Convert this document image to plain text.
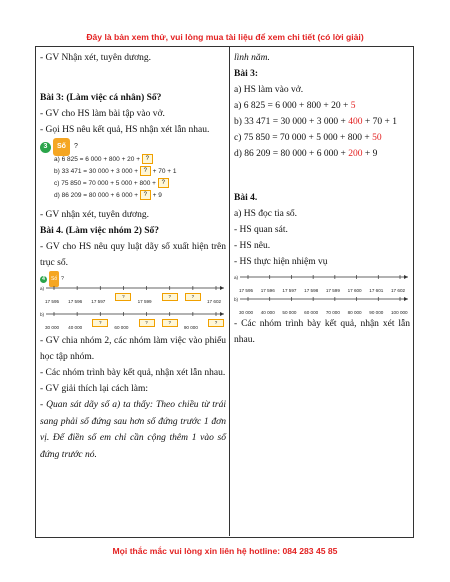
Đây là bản xem thử, vui lòng mua tài liệu để xem chi tiết (có lời giải)

- GV Nhận xét, tuyên dương.

Bài 3: (Làm việc cá nhân) Số?

- GV cho HS làm bài tập vào vở.

- Gọi HS nêu kết quả, HS nhận xét lẫn nhau.

3	Số	?
a) 6 825 = 6 000 + 800 + 20 + ?
b) 33 471 = 30 000 + 3 000 + ? + 70 + 1
c) 75 850 = 70 000 + 5 000 + 800 + ?
d) 86 209 = 80 000 + 6 000 + ? + 9

- GV nhận xét, tuyên dương.

Bài 4. (Làm việc nhóm 2) Số?

- GV cho HS nêu quy luật dãy số xuất hiện trên trục số.

4	Số ?
17 595 17 596 17 597
?
17 599
?	?
17 602
a)
30 000 40 000
?
60 000
?	?
90 000
?
b)

- GV chia nhóm 2, các nhóm làm việc vào phiếu học tập nhóm.

- Các nhóm trình bày kết quả, nhận xét lẫn nhau.

- GV giải thích lại cách làm:

- Quan sát dãy số a) ta thấy: Theo chiều từ trái sang phải số đứng sau hơn số đứng trước 1 đơn vị. Để điền số em chỉ cần cộng thêm 1 vào số đứng trước nó.

lình năm.

Bài 3:

a) HS làm vào vở.

a) 6 825 = 6 000 + 800 + 20 + 5

b) 33 471 = 30 000 + 3 000 + 400 + 70 + 1

c) 75 850 = 70 000 + 5 000 + 800 + 50

d) 86 209 = 80 000 + 6 000 + 200 + 9

Bài 4.

a) HS đọc tia số.

- HS quan sát.

- HS nêu.

- HS thực hiện nhiệm vụ

17 595 17 596 17 597 17 598 17 599 17 600 17 601 17 602
a)
30 000 40 000 50 000 60 000 70 000 80 000 90 000 100 000
b)

- Các nhóm trình bày kết quả, nhận xét lẫn nhau.

Mọi thắc mắc vui lòng xin liên hệ hotline: 084 283 45 85
